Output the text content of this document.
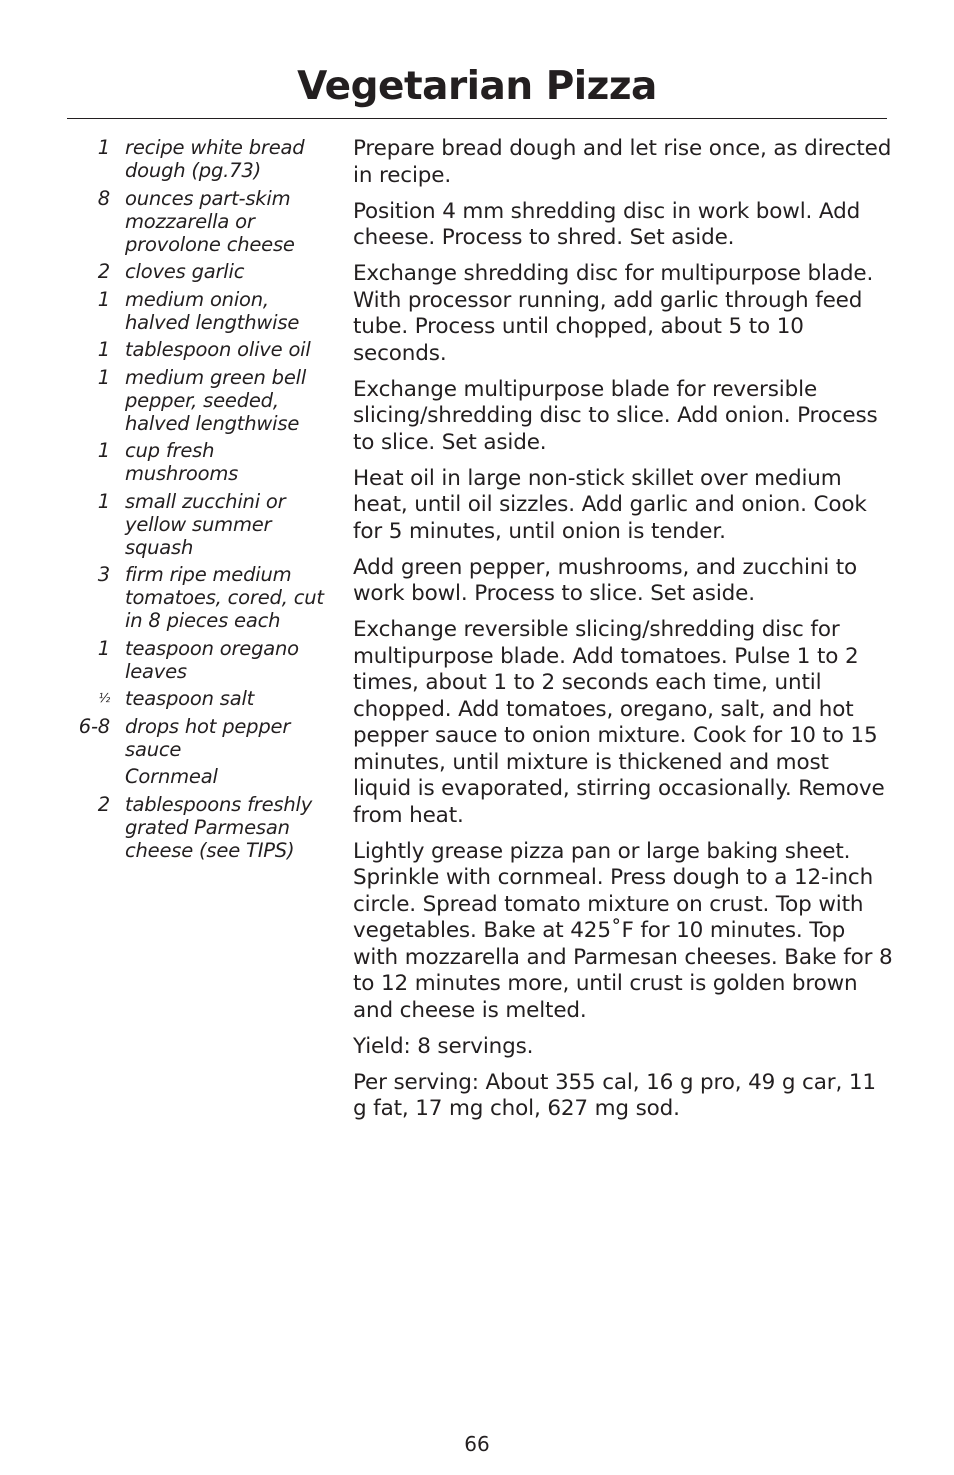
Vegetarian Pizza
1 recipe white bread dough (pg.73)
8 ounces part-skim mozzarella or provolone cheese
2 cloves garlic
1 medium onion, halved lengthwise
1 tablespoon olive oil
1 medium green bell pepper, seeded, halved lengthwise
1 cup fresh mushrooms
1 small zucchini or yellow summer squash
3 firm ripe medium tomatoes, cored, cut in 8 pieces each
1 teaspoon oregano leaves
½ teaspoon salt
6-8 drops hot pepper sauce
Cornmeal
2 tablespoons freshly grated Parmesan cheese (see TIPS)

Prepare bread dough and let rise once, as directed in recipe.

Position 4 mm shredding disc in work bowl. Add cheese. Process to shred. Set aside.

Exchange shredding disc for multipurpose blade. With processor running, add garlic through feed tube. Process until chopped, about 5 to 10 seconds.

Exchange multipurpose blade for reversible slicing/shredding disc to slice. Add onion. Process to slice. Set aside.

Heat oil in large non-stick skillet over medium heat, until oil sizzles. Add garlic and onion. Cook for 5 minutes, until onion is tender.

Add green pepper, mushrooms, and zucchini to work bowl. Process to slice. Set aside.

Exchange reversible slicing/shredding disc for multipurpose blade. Add tomatoes. Pulse 1 to 2 times, about 1 to 2 seconds each time, until chopped. Add tomatoes, oregano, salt, and hot pepper sauce to onion mixture. Cook for 10 to 15 minutes, until mixture is thickened and most liquid is evaporated, stirring occasionally. Remove from heat.

Lightly grease pizza pan or large baking sheet. Sprinkle with cornmeal. Press dough to a 12-inch circle. Spread tomato mixture on crust. Top with vegetables. Bake at 425˚F for 10 minutes. Top with mozzarella and Parmesan cheeses. Bake for 8 to 12 minutes more, until crust is golden brown and cheese is melted.

Yield: 8 servings.

Per serving: About 355 cal, 16 g pro, 49 g car, 11 g fat, 17 mg chol, 627 mg sod.

66
